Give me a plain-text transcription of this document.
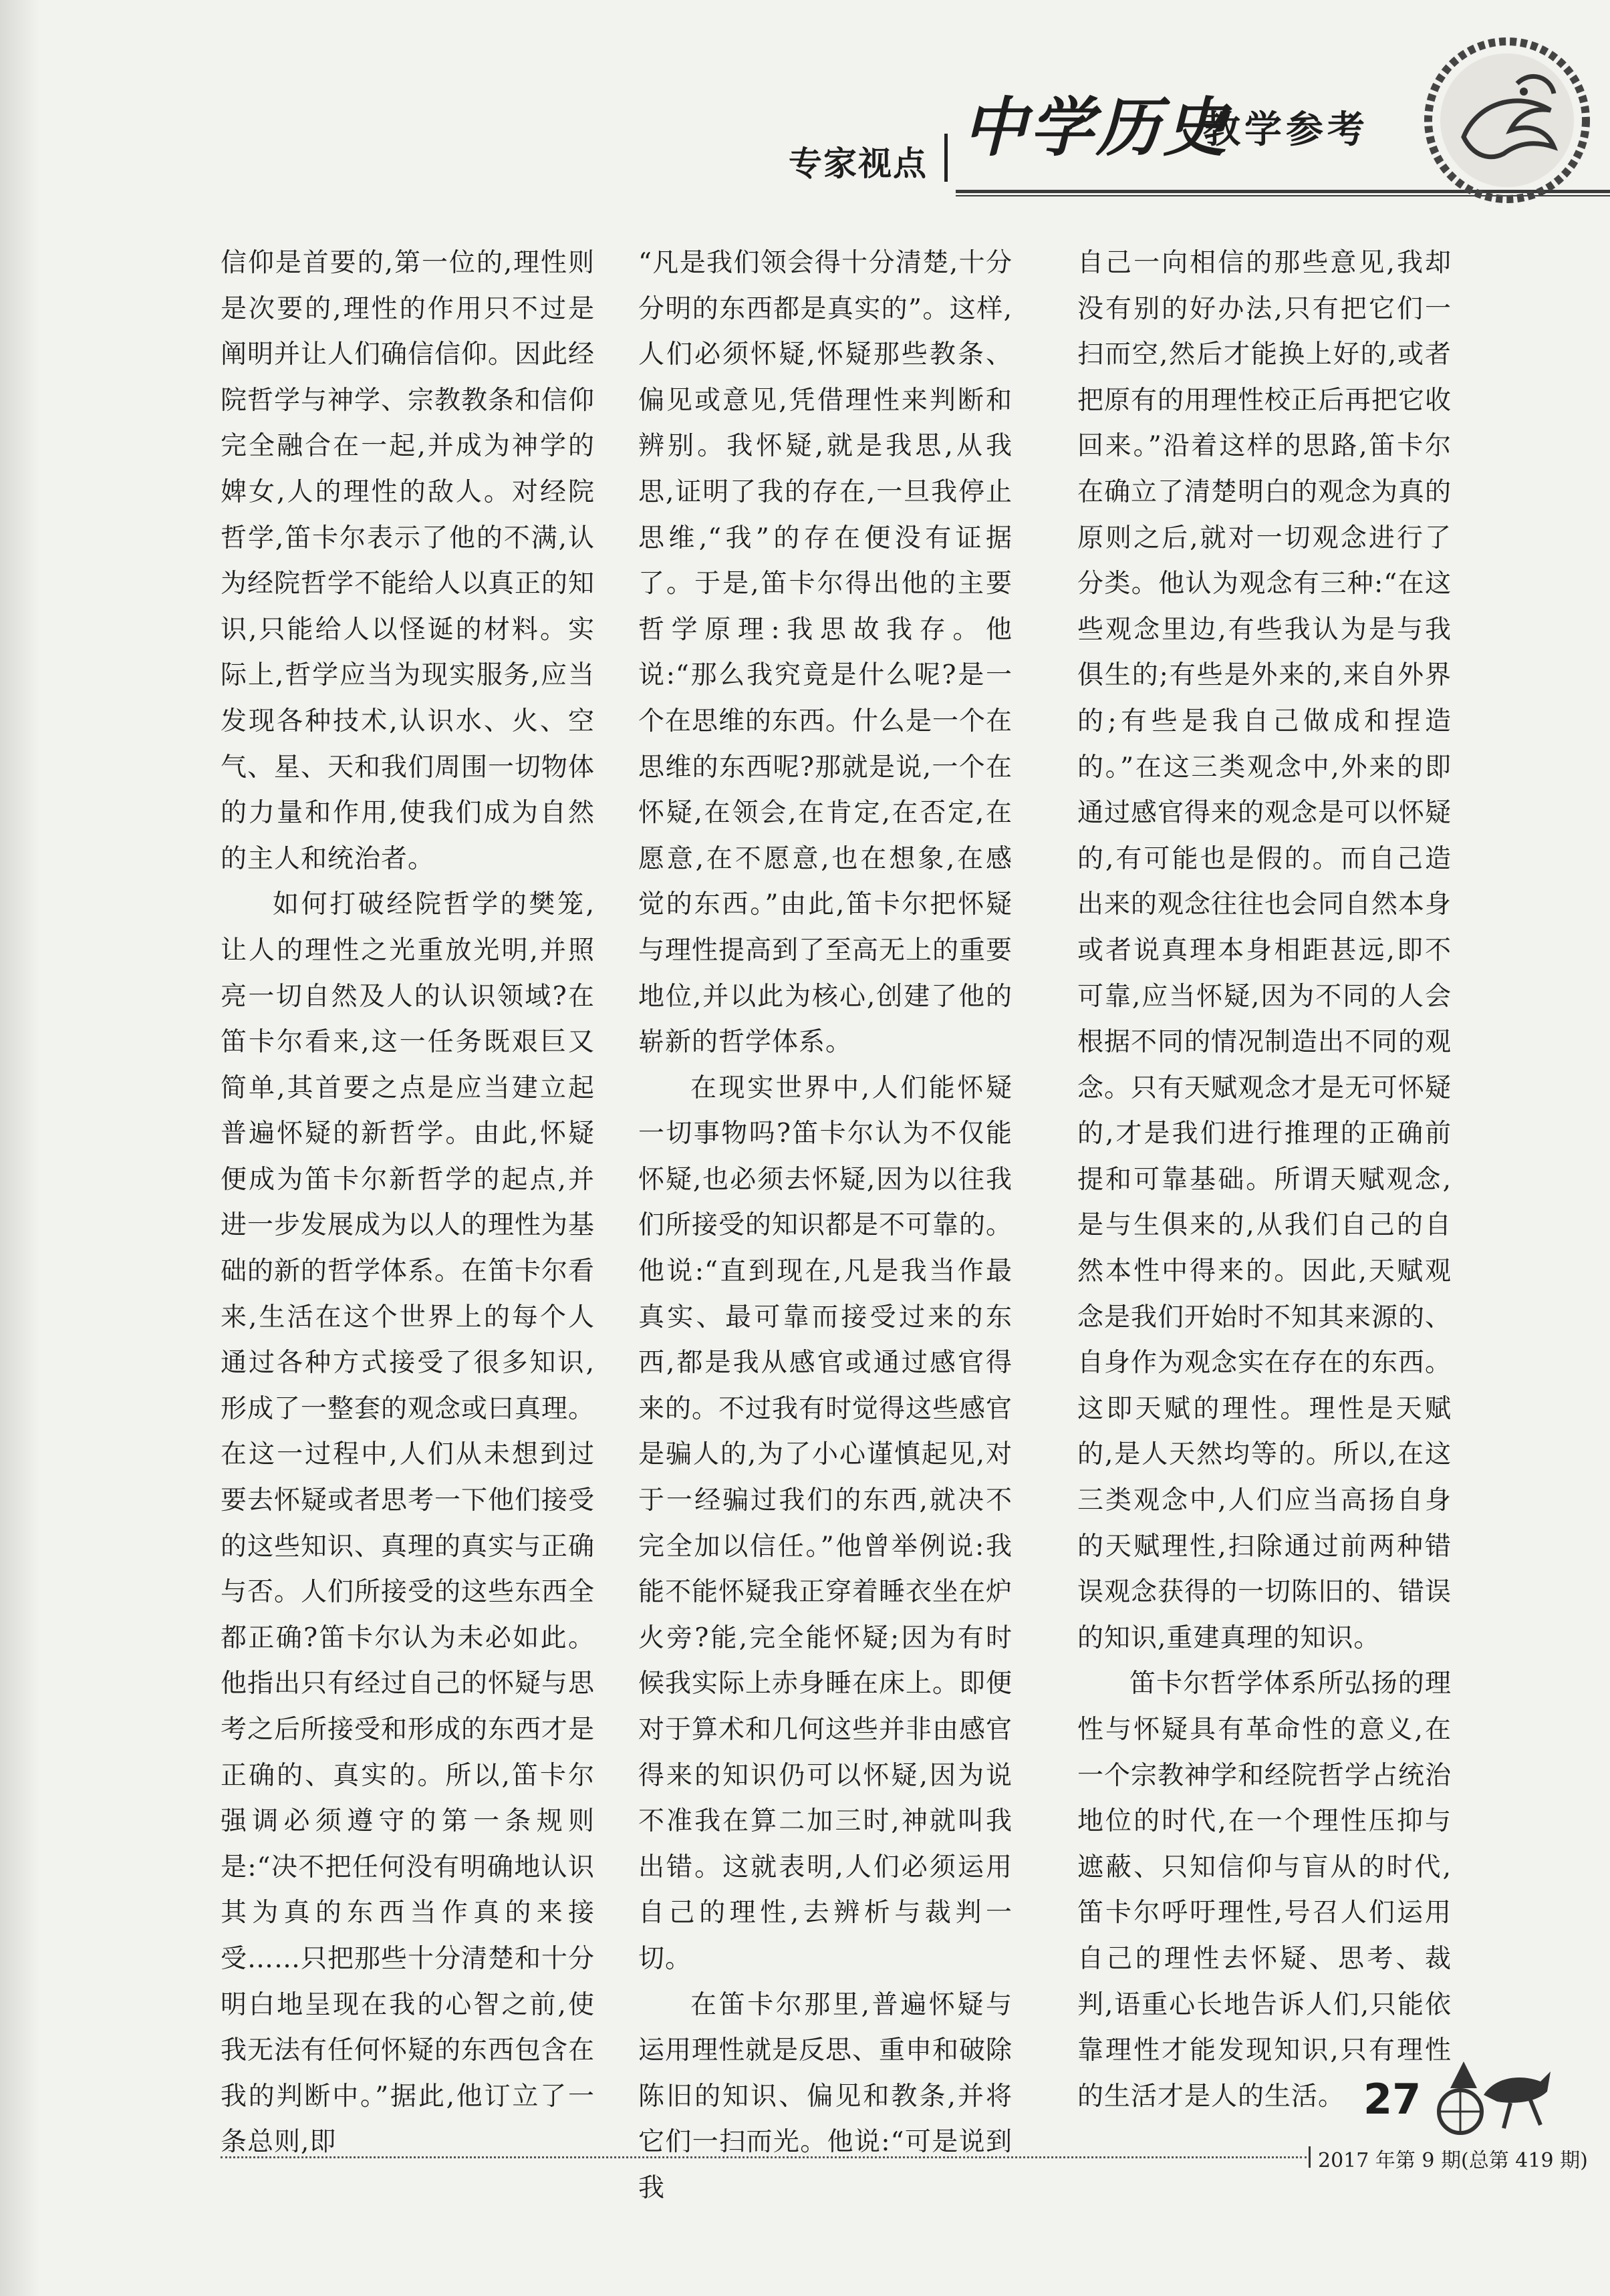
专家视点 中学历史
教学参考

信仰是首要的,第一位的,理性则是次要的,理性的作用只不过是阐明并让人们确信信仰。因此经院哲学与神学、宗教教条和信仰完全融合在一起,并成为神学的婢女,人的理性的敌人。对经院哲学,笛卡尔表示了他的不满,认为经院哲学不能给人以真正的知识,只能给人以怪诞的材料。实际上,哲学应当为现实服务,应当发现各种技术,认识水、火、空气、星、天和我们周围一切物体的力量和作用,使我们成为自然的主人和统治者。

如何打破经院哲学的樊笼,让人的理性之光重放光明,并照亮一切自然及人的认识领域?在笛卡尔看来,这一任务既艰巨又简单,其首要之点是应当建立起普遍怀疑的新哲学。由此,怀疑便成为笛卡尔新哲学的起点,并进一步发展成为以人的理性为基础的新的哲学体系。在笛卡尔看来,生活在这个世界上的每个人通过各种方式接受了很多知识,形成了一整套的观念或曰真理。在这一过程中,人们从未想到过要去怀疑或者思考一下他们接受的这些知识、真理的真实与正确与否。人们所接受的这些东西全都正确?笛卡尔认为未必如此。他指出只有经过自己的怀疑与思考之后所接受和形成的东西才是正确的、真实的。所以,笛卡尔强调必须遵守的第一条规则是:“决不把任何没有明确地认识其为真的东西当作真的来接受……只把那些十分清楚和十分明白地呈现在我的心智之前,使我无法有任何怀疑的东西包含在我的判断中。”据此,他订立了一条总则,即

“凡是我们领会得十分清楚,十分分明的东西都是真实的”。这样,人们必须怀疑,怀疑那些教条、偏见或意见,凭借理性来判断和辨别。我怀疑,就是我思,从我思,证明了我的存在,一旦我停止思维,“我”的存在便没有证据了。于是,笛卡尔得出他的主要哲学原理:我思故我存。他说:“那么我究竟是什么呢?是一个在思维的东西。什么是一个在思维的东西呢?那就是说,一个在怀疑,在领会,在肯定,在否定,在愿意,在不愿意,也在想象,在感觉的东西。”由此,笛卡尔把怀疑与理性提高到了至高无上的重要地位,并以此为核心,创建了他的崭新的哲学体系。

在现实世界中,人们能怀疑一切事物吗?笛卡尔认为不仅能怀疑,也必须去怀疑,因为以往我们所接受的知识都是不可靠的。他说:“直到现在,凡是我当作最真实、最可靠而接受过来的东西,都是我从感官或通过感官得来的。不过我有时觉得这些感官是骗人的,为了小心谨慎起见,对于一经骗过我们的东西,就决不完全加以信任。”他曾举例说:我能不能怀疑我正穿着睡衣坐在炉火旁?能,完全能怀疑;因为有时候我实际上赤身睡在床上。即便对于算术和几何这些并非由感官得来的知识仍可以怀疑,因为说不准我在算二加三时,神就叫我出错。这就表明,人们必须运用自己的理性,去辨析与裁判一切。

在笛卡尔那里,普遍怀疑与运用理性就是反思、重申和破除陈旧的知识、偏见和教条,并将它们一扫而光。他说:“可是说到我

自己一向相信的那些意见,我却没有别的好办法,只有把它们一扫而空,然后才能换上好的,或者把原有的用理性校正后再把它收回来。”沿着这样的思路,笛卡尔在确立了清楚明白的观念为真的原则之后,就对一切观念进行了分类。他认为观念有三种:“在这些观念里边,有些我认为是与我俱生的;有些是外来的,来自外界的;有些是我自己做成和捏造的。”在这三类观念中,外来的即通过感官得来的观念是可以怀疑的,有可能也是假的。而自己造出来的观念往往也会同自然本身或者说真理本身相距甚远,即不可靠,应当怀疑,因为不同的人会根据不同的情况制造出不同的观念。只有天赋观念才是无可怀疑的,才是我们进行推理的正确前提和可靠基础。所谓天赋观念,是与生俱来的,从我们自己的自然本性中得来的。因此,天赋观念是我们开始时不知其来源的、自身作为观念实在存在的东西。这即天赋的理性。理性是天赋的,是人天然均等的。所以,在这三类观念中,人们应当高扬自身的天赋理性,扫除通过前两种错误观念获得的一切陈旧的、错误的知识,重建真理的知识。

笛卡尔哲学体系所弘扬的理性与怀疑具有革命性的意义,在一个宗教神学和经院哲学占统治地位的时代,在一个理性压抑与遮蔽、只知信仰与盲从的时代,笛卡尔呼吁理性,号召人们运用自己的理性去怀疑、思考、裁判,语重心长地告诉人们,只能依靠理性才能发现知识,只有理性的生活才是人的生活。 27
2017 年第 9 期(总第 419 期)
